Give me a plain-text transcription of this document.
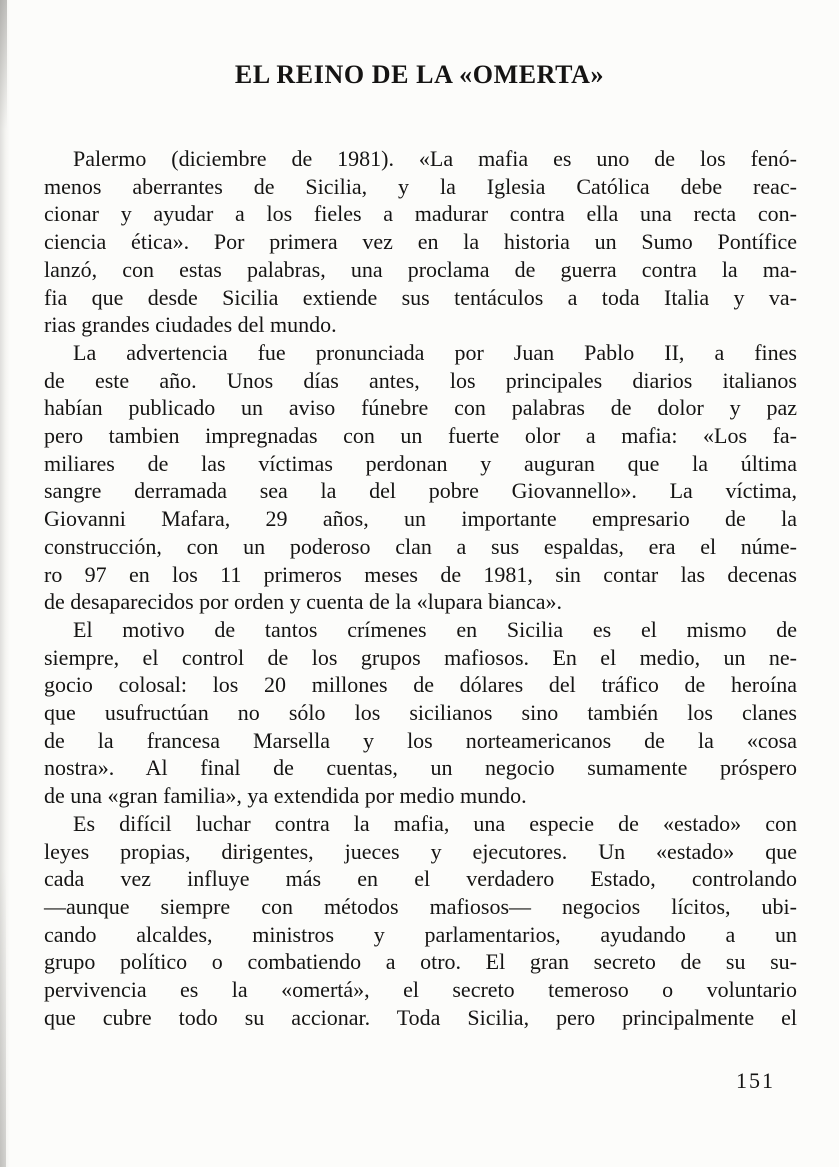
EL REINO DE LA «OMERTA»
Palermo (diciembre de 1981). «La mafia es uno de los fenó-
menos aberrantes de Sicilia, y la Iglesia Católica debe reac-
cionar y ayudar a los fieles a madurar contra ella una recta con-
ciencia ética». Por primera vez en la historia un Sumo Pontífice
lanzó, con estas palabras, una proclama de guerra contra la ma-
fia que desde Sicilia extiende sus tentáculos a toda Italia y va-
rias grandes ciudades del mundo.
La advertencia fue pronunciada por Juan Pablo II, a fines
de este año. Unos días antes, los principales diarios italianos
habían publicado un aviso fúnebre con palabras de dolor y paz
pero tambien impregnadas con un fuerte olor a mafia: «Los fa-
miliares de las víctimas perdonan y auguran que la última
sangre derramada sea la del pobre Giovannello». La víctima,
Giovanni Mafara, 29 años, un importante empresario de la
construcción, con un poderoso clan a sus espaldas, era el núme-
ro 97 en los 11 primeros meses de 1981, sin contar las decenas
de desaparecidos por orden y cuenta de la «lupara bianca».
El motivo de tantos crímenes en Sicilia es el mismo de
siempre, el control de los grupos mafiosos. En el medio, un ne-
gocio colosal: los 20 millones de dólares del tráfico de heroína
que usufructúan no sólo los sicilianos sino también los clanes
de la francesa Marsella y los norteamericanos de la «cosa
nostra». Al final de cuentas, un negocio sumamente próspero
de una «gran familia», ya extendida por medio mundo.
Es difícil luchar contra la mafia, una especie de «estado» con
leyes propias, dirigentes, jueces y ejecutores. Un «estado» que
cada vez influye más en el verdadero Estado, controlando
—aunque siempre con métodos mafiosos— negocios lícitos, ubi-
cando alcaldes, ministros y parlamentarios, ayudando a un
grupo político o combatiendo a otro. El gran secreto de su su-
pervivencia es la «omertá», el secreto temeroso o voluntario
que cubre todo su accionar. Toda Sicilia, pero principalmente el
151
